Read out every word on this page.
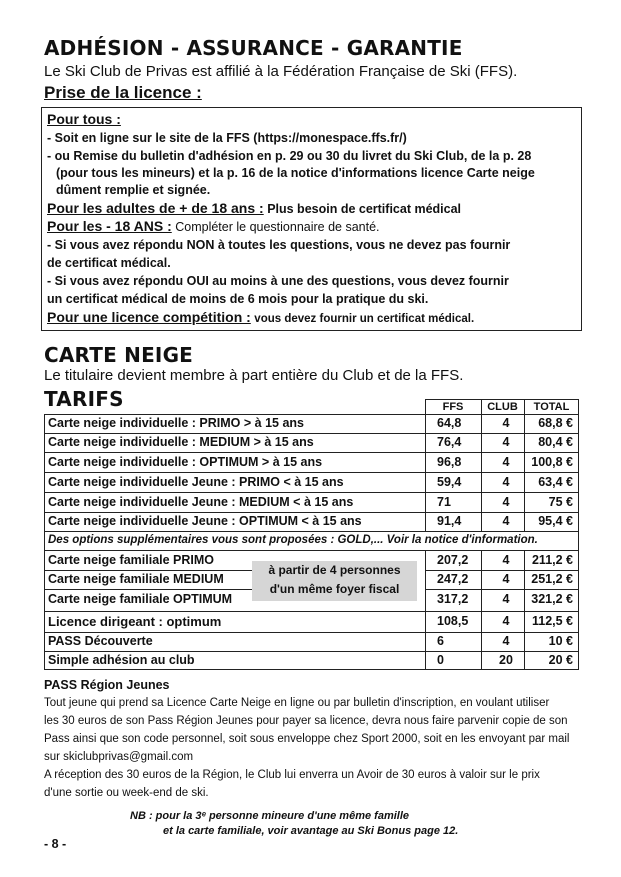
ADHÉSION - ASSURANCE - GARANTIE
Le Ski Club de Privas est affilié à la Fédération Française de Ski (FFS).
Prise de la licence :
Pour tous :
- Soit en ligne sur le site de la FFS (https://monespace.ffs.fr/)
- ou Remise du bulletin d'adhésion en p. 29 ou 30 du livret du Ski Club, de la p. 28
(pour tous les mineurs) et la p. 16 de la notice d'informations licence Carte neige
dûment remplie et signée.
Pour les adultes de + de 18 ans : Plus besoin de certificat médical
Pour les - 18 ANS : Compléter le questionnaire de santé.
- Si vous avez répondu NON à toutes les questions, vous ne devez pas fournir
de certificat médical.
- Si vous avez répondu OUI au moins à une des questions, vous devez fournir
un certificat médical de moins de 6 mois pour la pratique du ski.
Pour une licence compétition : vous devez fournir un certificat médical.
CARTE NEIGE
Le titulaire devient membre à part entière du Club et de la FFS.
TARIFS	FFS	CLUB	TOTAL
Carte neige individuelle : PRIMO > à 15 ans	64,8	4	68,8 €
Carte neige individuelle : MEDIUM > à 15 ans	76,4	4	80,4 €
Carte neige individuelle : OPTIMUM > à 15 ans	96,8	4	100,8 €
Carte neige individuelle Jeune : PRIMO < à 15 ans	59,4	4	63,4 €
Carte neige individuelle Jeune : MEDIUM < à 15 ans	71	4	75 €
Carte neige individuelle Jeune : OPTIMUM < à 15 ans	91,4	4	95,4 €
Des options supplémentaires vous sont proposées : GOLD,... Voir la notice d'information.
Carte neige familiale PRIMO	207,2	4	211,2 €
Carte neige familiale MEDIUM	247,2	4	251,2 €
Carte neige familiale OPTIMUM	317,2	4	321,2 €
à partir de 4 personnes
d'un même foyer fiscal
Licence dirigeant : optimum	108,5	4	112,5 €
PASS Découverte	6	4	10 €
Simple adhésion au club	0	20	20 €
PASS Région Jeunes
Tout jeune qui prend sa Licence Carte Neige en ligne ou par bulletin d'inscription, en voulant utiliser
les 30 euros de son Pass Région Jeunes pour payer sa licence, devra nous faire parvenir copie de son
Pass ainsi que son code personnel, soit sous enveloppe chez Sport 2000, soit en les envoyant par mail
sur skiclubprivas@gmail.com
A réception des 30 euros de la Région, le Club lui enverra un Avoir de 30 euros à valoir sur le prix
d'une sortie ou week-end de ski.
NB : pour la 3ᵉ personne mineure d'une même famille
et la carte familiale, voir avantage au Ski Bonus page 12.
- 8 -
